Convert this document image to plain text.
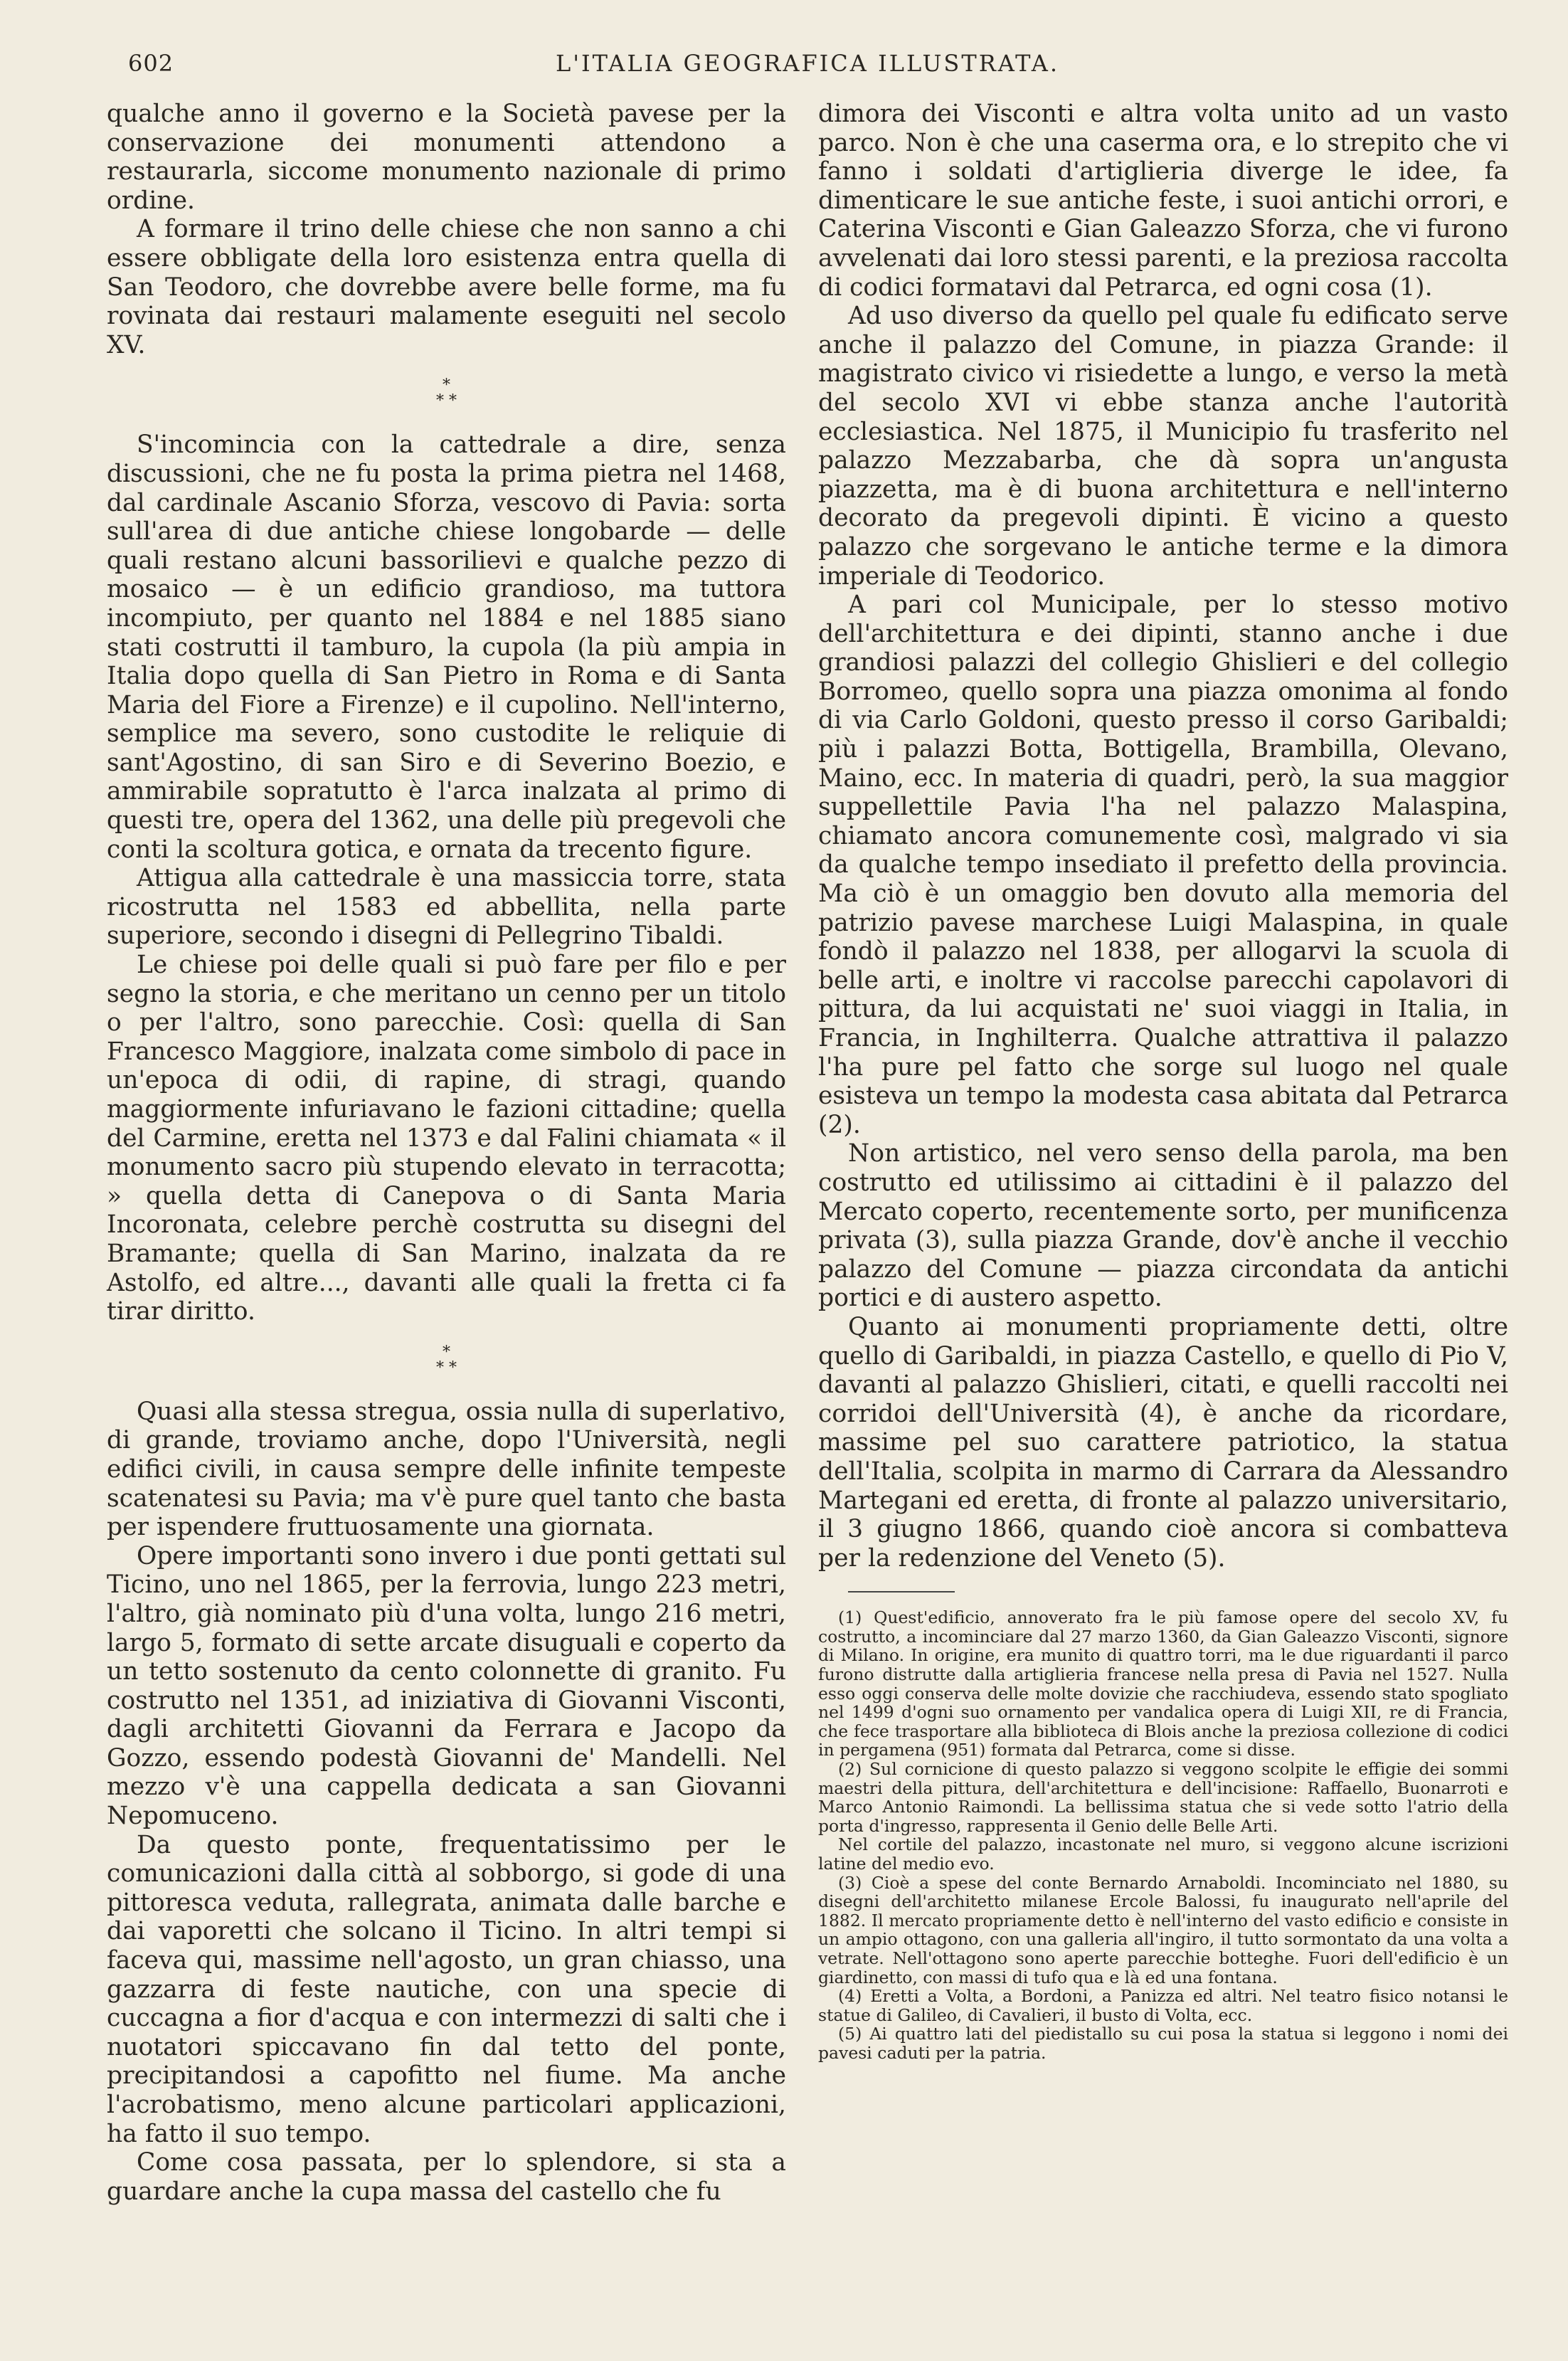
602	L'ITALIA GEOGRAFICA ILLUSTRATA.

qualche anno il governo e la Società pavese per la conservazione dei monumenti attendono a restaurarla, siccome monumento nazionale di primo ordine.

A formare il trino delle chiese che non sanno a chi essere obbligate della loro esistenza entra quella di San Teodoro, che dovrebbe avere belle forme, ma fu rovinata dai restauri malamente eseguiti nel secolo XV.

*
* *

S'incomincia con la cattedrale a dire, senza discussioni, che ne fu posta la prima pietra nel 1468, dal cardinale Ascanio Sforza, vescovo di Pavia: sorta sull'area di due antiche chiese longobarde — delle quali restano alcuni bassorilievi e qualche pezzo di mosaico — è un edificio grandioso, ma tuttora incompiuto, per quanto nel 1884 e nel 1885 siano stati costrutti il tamburo, la cupola (la più ampia in Italia dopo quella di San Pietro in Roma e di Santa Maria del Fiore a Firenze) e il cupolino. Nell'interno, semplice ma severo, sono custodite le reliquie di sant'Agostino, di san Siro e di Severino Boezio, e ammirabile sopratutto è l'arca inalzata al primo di questi tre, opera del 1362, una delle più pregevoli che conti la scoltura gotica, e ornata da trecento figure.

Attigua alla cattedrale è una massiccia torre, stata ricostrutta nel 1583 ed abbellita, nella parte superiore, secondo i disegni di Pellegrino Tibaldi.

Le chiese poi delle quali si può fare per filo e per segno la storia, e che meritano un cenno per un titolo o per l'altro, sono parecchie. Così: quella di San Francesco Maggiore, inalzata come simbolo di pace in un'epoca di odii, di rapine, di stragi, quando maggiormente infuriavano le fazioni cittadine; quella del Carmine, eretta nel 1373 e dal Falini chiamata « il monumento sacro più stupendo elevato in terracotta; » quella detta di Canepova o di Santa Maria Incoronata, celebre perchè costrutta su disegni del Bramante; quella di San Marino, inalzata da re Astolfo, ed altre..., davanti alle quali la fretta ci fa tirar diritto.

*
* *

Quasi alla stessa stregua, ossia nulla di superlativo, di grande, troviamo anche, dopo l'Università, negli edifici civili, in causa sempre delle infinite tempeste scatenatesi su Pavia; ma v'è pure quel tanto che basta per ispendere fruttuosamente una giornata.

Opere importanti sono invero i due ponti gettati sul Ticino, uno nel 1865, per la ferrovia, lungo 223 metri, l'altro, già nominato più d'una volta, lungo 216 metri, largo 5, formato di sette arcate disuguali e coperto da un tetto sostenuto da cento colonnette di granito. Fu costrutto nel 1351, ad iniziativa di Giovanni Visconti, dagli architetti Giovanni da Ferrara e Jacopo da Gozzo, essendo podestà Giovanni de' Mandelli. Nel mezzo v'è una cappella dedicata a san Giovanni Nepomuceno.

Da questo ponte, frequentatissimo per le comunicazioni dalla città al sobborgo, si gode di una pittoresca veduta, rallegrata, animata dalle barche e dai vaporetti che solcano il Ticino. In altri tempi si faceva qui, massime nell'agosto, un gran chiasso, una gazzarra di feste nautiche, con una specie di cuccagna a fior d'acqua e con intermezzi di salti che i nuotatori spiccavano fin dal tetto del ponte, precipitandosi a capofitto nel fiume. Ma anche l'acrobatismo, meno alcune particolari applicazioni, ha fatto il suo tempo.

Come cosa passata, per lo splendore, si sta a guardare anche la cupa massa del castello che fu

dimora dei Visconti e altra volta unito ad un vasto parco. Non è che una caserma ora, e lo strepito che vi fanno i soldati d'artiglieria diverge le idee, fa dimenticare le sue antiche feste, i suoi antichi orrori, e Caterina Visconti e Gian Galeazzo Sforza, che vi furono avvelenati dai loro stessi parenti, e la preziosa raccolta di codici formatavi dal Petrarca, ed ogni cosa (1).

Ad uso diverso da quello pel quale fu edificato serve anche il palazzo del Comune, in piazza Grande: il magistrato civico vi risiedette a lungo, e verso la metà del secolo XVI vi ebbe stanza anche l'autorità ecclesiastica. Nel 1875, il Municipio fu trasferito nel palazzo Mezzabarba, che dà sopra un'angusta piazzetta, ma è di buona architettura e nell'interno decorato da pregevoli dipinti. È vicino a questo palazzo che sorgevano le antiche terme e la dimora imperiale di Teodorico.

A pari col Municipale, per lo stesso motivo dell'architettura e dei dipinti, stanno anche i due grandiosi palazzi del collegio Ghislieri e del collegio Borromeo, quello sopra una piazza omonima al fondo di via Carlo Goldoni, questo presso il corso Garibaldi; più i palazzi Botta, Bottigella, Brambilla, Olevano, Maino, ecc. In materia di quadri, però, la sua maggior suppellettile Pavia l'ha nel palazzo Malaspina, chiamato ancora comunemente così, malgrado vi sia da qualche tempo insediato il prefetto della provincia. Ma ciò è un omaggio ben dovuto alla memoria del patrizio pavese marchese Luigi Malaspina, in quale fondò il palazzo nel 1838, per allogarvi la scuola di belle arti, e inoltre vi raccolse parecchi capolavori di pittura, da lui acquistati ne' suoi viaggi in Italia, in Francia, in Inghilterra. Qualche attrattiva il palazzo l'ha pure pel fatto che sorge sul luogo nel quale esisteva un tempo la modesta casa abitata dal Petrarca (2).

Non artistico, nel vero senso della parola, ma ben costrutto ed utilissimo ai cittadini è il palazzo del Mercato coperto, recentemente sorto, per munificenza privata (3), sulla piazza Grande, dov'è anche il vecchio palazzo del Comune — piazza circondata da antichi portici e di austero aspetto.

Quanto ai monumenti propriamente detti, oltre quello di Garibaldi, in piazza Castello, e quello di Pio V, davanti al palazzo Ghislieri, citati, e quelli raccolti nei corridoi dell'Università (4), è anche da ricordare, massime pel suo carattere patriotico, la statua dell'Italia, scolpita in marmo di Carrara da Alessandro Martegani ed eretta, di fronte al palazzo universitario, il 3 giugno 1866, quando cioè ancora si combatteva per la redenzione del Veneto (5).

(1) Quest'edificio, annoverato fra le più famose opere del secolo XV, fu costrutto, a incominciare dal 27 marzo 1360, da Gian Galeazzo Visconti, signore di Milano. In origine, era munito di quattro torri, ma le due riguardanti il parco furono distrutte dalla artiglieria francese nella presa di Pavia nel 1527. Nulla esso oggi conserva delle molte dovizie che racchiudeva, essendo stato spogliato nel 1499 d'ogni suo ornamento per vandalica opera di Luigi XII, re di Francia, che fece trasportare alla biblioteca di Blois anche la preziosa collezione di codici in pergamena (951) formata dal Petrarca, come si disse.

(2) Sul cornicione di questo palazzo si veggono scolpite le effigie dei sommi maestri della pittura, dell'architettura e dell'incisione: Raffaello, Buonarroti e Marco Antonio Raimondi. La bellissima statua che si vede sotto l'atrio della porta d'ingresso, rappresenta il Genio delle Belle Arti.

Nel cortile del palazzo, incastonate nel muro, si veggono alcune iscrizioni latine del medio evo.

(3) Cioè a spese del conte Bernardo Arnaboldi. Incominciato nel 1880, su disegni dell'architetto milanese Ercole Balossi, fu inaugurato nell'aprile del 1882. Il mercato propriamente detto è nell'interno del vasto edificio e consiste in un ampio ottagono, con una galleria all'ingiro, il tutto sormontato da una volta a vetrate. Nell'ottagono sono aperte parecchie botteghe. Fuori dell'edificio è un giardinetto, con massi di tufo qua e là ed una fontana.

(4) Eretti a Volta, a Bordoni, a Panizza ed altri. Nel teatro fisico notansi le statue di Galileo, di Cavalieri, il busto di Volta, ecc.

(5) Ai quattro lati del piedistallo su cui posa la statua si leggono i nomi dei pavesi caduti per la patria.
